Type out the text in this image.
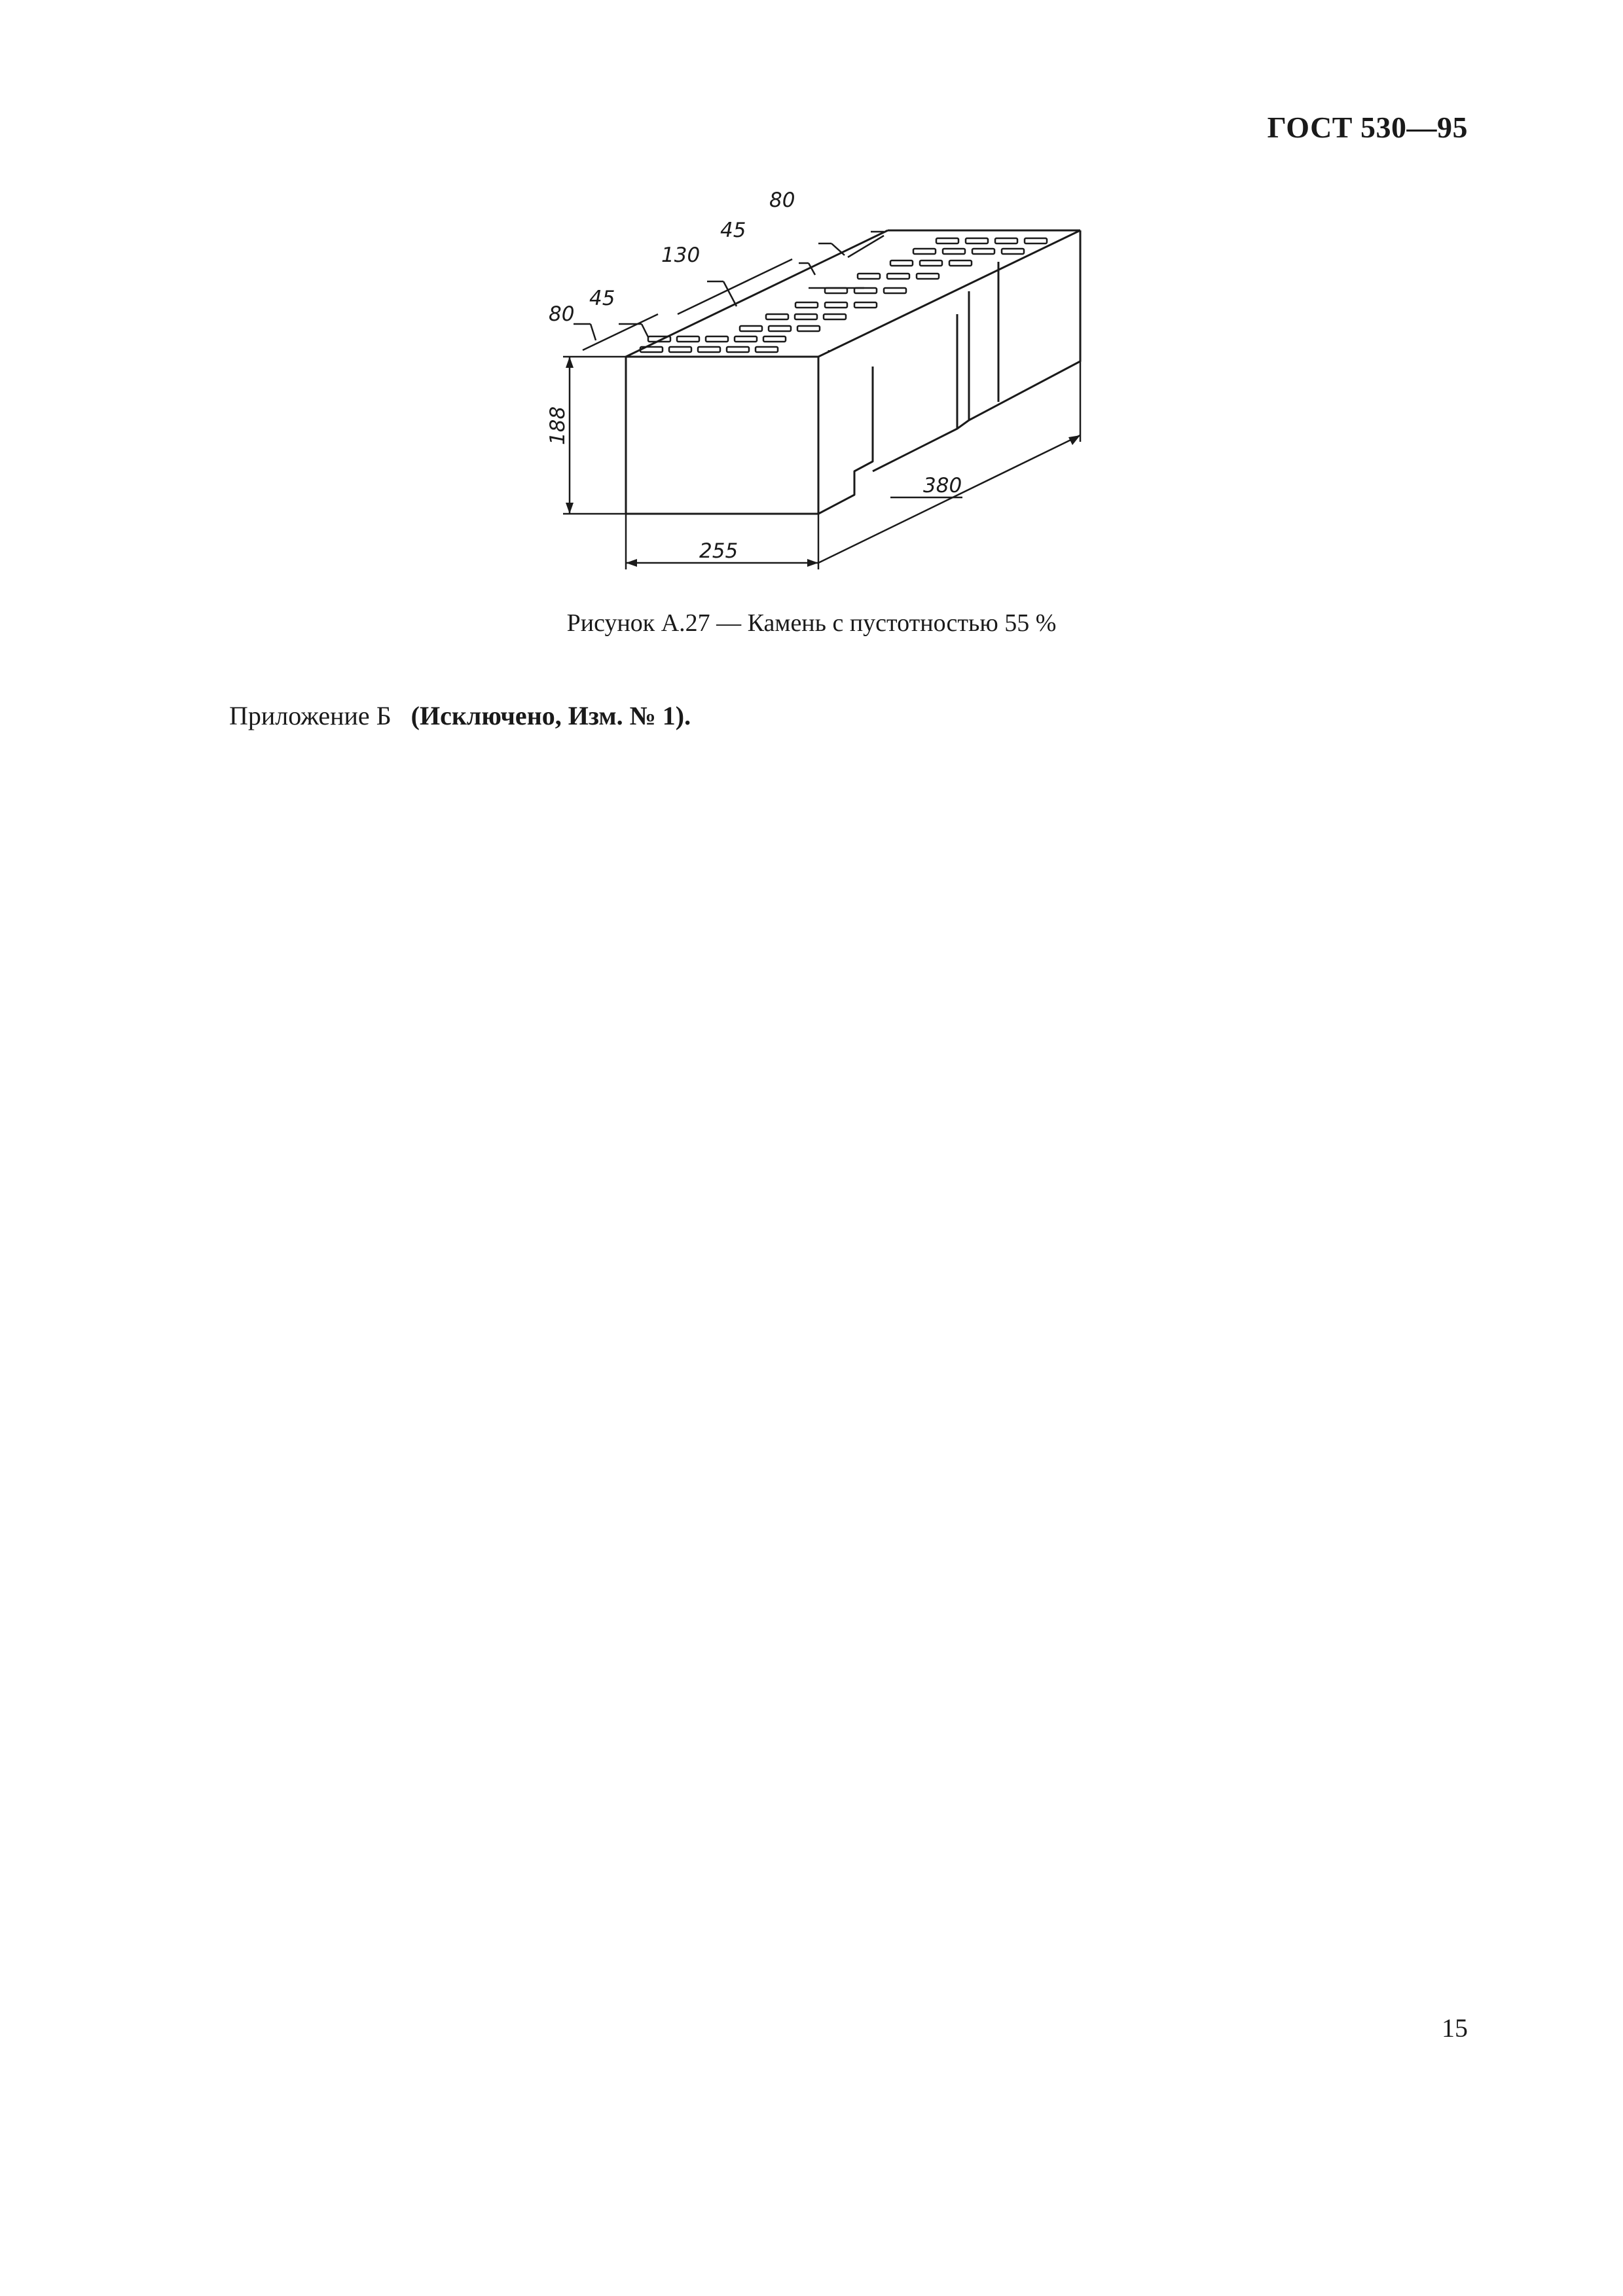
ГОСТ 530—95
188
255
380
80
45
130
45
80
Рисунок А.27 — Камень с пустотностью 55 %
Приложение Б (Исключено, Изм. № 1).
15
